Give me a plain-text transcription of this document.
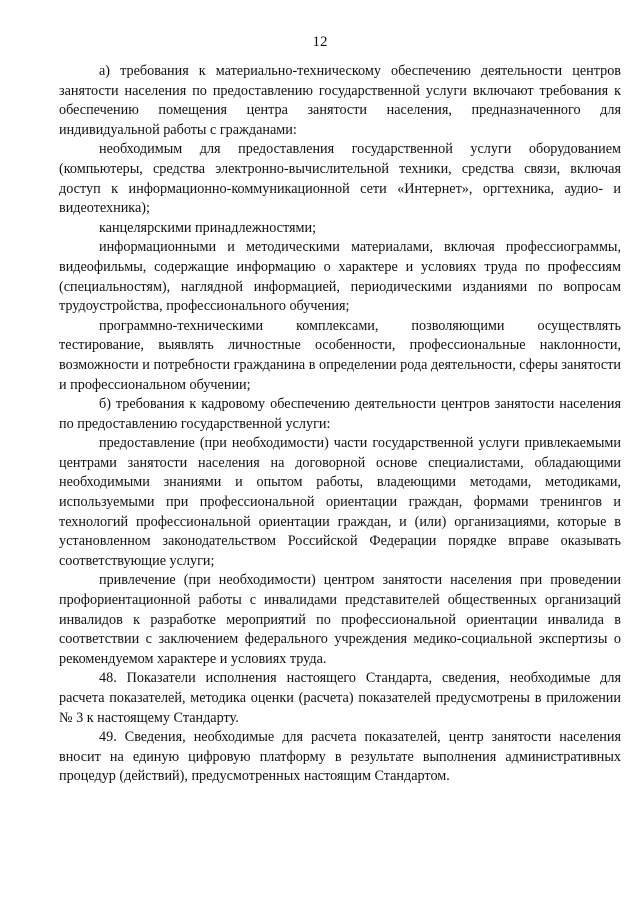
12

а) требования к материально-техническому обеспечению деятельности центров занятости населения по предоставлению государственной услуги включают требования к обеспечению помещения центра занятости населения, предназначенного для индивидуальной работы с гражданами:

необходимым для предоставления государственной услуги оборудованием (компьютеры, средства электронно-вычислительной техники, средства связи, включая доступ к информационно-коммуникационной сети «Интернет», оргтехника, аудио- и видеотехника);

канцелярскими принадлежностями;

информационными и методическими материалами, включая профессиограммы, видеофильмы, содержащие информацию о характере и условиях труда по профессиям (специальностям), наглядной информацией, периодическими изданиями по вопросам трудоустройства, профессионального обучения;

программно-техническими комплексами, позволяющими осуществлять тестирование, выявлять личностные особенности, профессиональные наклонности, возможности и потребности гражданина в определении рода деятельности, сферы занятости и профессиональном обучении;

б) требования к кадровому обеспечению деятельности центров занятости населения по предоставлению государственной услуги:

предоставление (при необходимости) части государственной услуги привлекаемыми центрами занятости населения на договорной основе специалистами, обладающими необходимыми знаниями и опытом работы, владеющими методами, методиками, используемыми при профессиональной ориентации граждан, формами тренингов и технологий профессиональной ориентации граждан, и (или) организациями, которые в установленном законодательством Российской Федерации порядке вправе оказывать соответствующие услуги;

привлечение (при необходимости) центром занятости населения при проведении профориентационной работы с инвалидами представителей общественных организаций инвалидов к разработке мероприятий по профессиональной ориентации инвалида в соответствии с заключением федерального учреждения медико-социальной экспертизы о рекомендуемом характере и условиях труда.

48. Показатели исполнения настоящего Стандарта, сведения, необходимые для расчета показателей, методика оценки (расчета) показателей предусмотрены в приложении № 3 к настоящему Стандарту.

49. Сведения, необходимые для расчета показателей, центр занятости населения вносит на единую цифровую платформу в результате выполнения административных процедур (действий), предусмотренных настоящим Стандартом.
